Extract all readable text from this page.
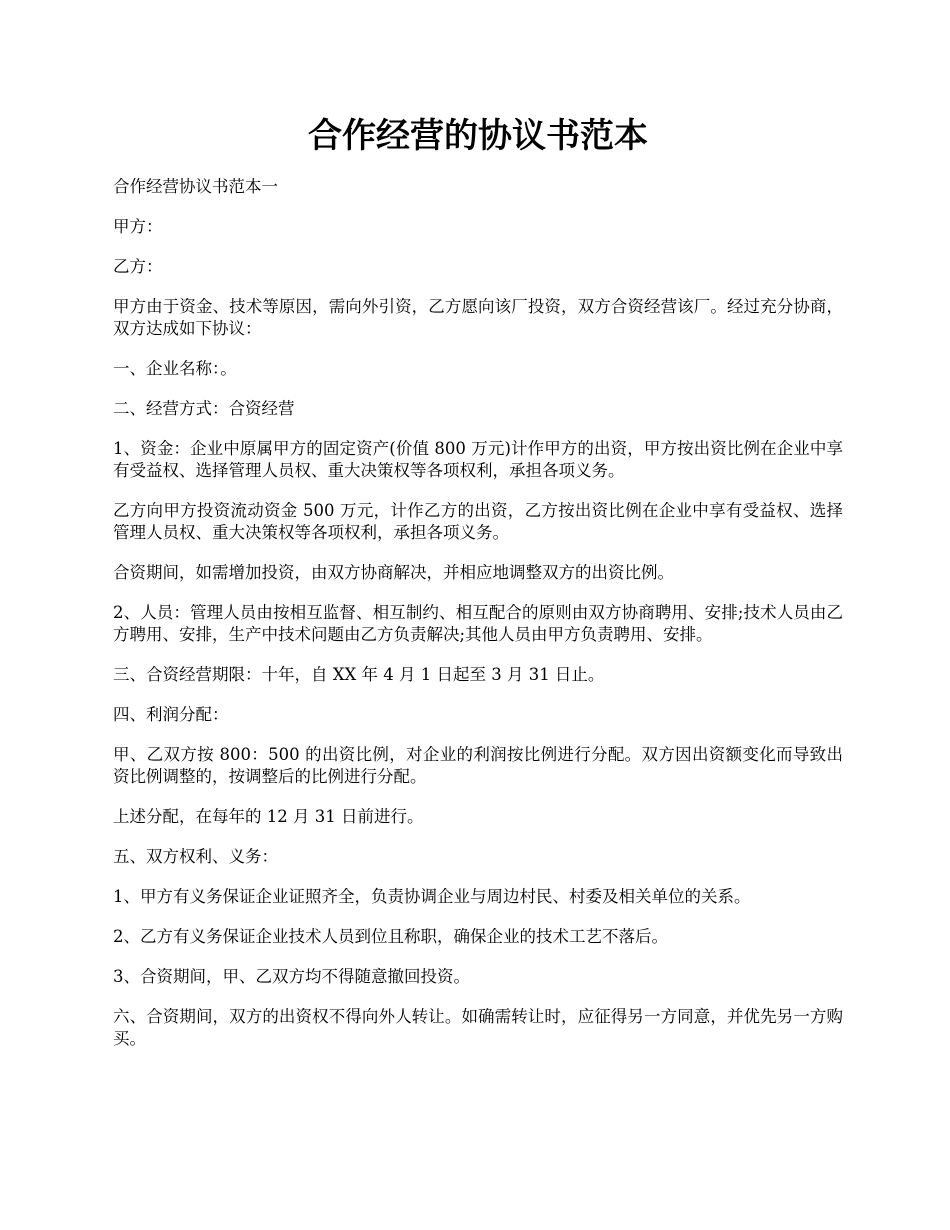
合作经营的协议书范本

合作经营协议书范本一

甲方：

乙方：

甲方由于资金、技术等原因，需向外引资，乙方愿向该厂投资，双方合资经营该厂。经过充分协商，双方达成如下协议：

一、企业名称：。

二、经营方式：合资经营

1、资金：企业中原属甲方的固定资产(价值 800 万元)计作甲方的出资，甲方按出资比例在企业中享有受益权、选择管理人员权、重大决策权等各项权利，承担各项义务。

乙方向甲方投资流动资金 500 万元，计作乙方的出资，乙方按出资比例在企业中享有受益权、选择管理人员权、重大决策权等各项权利，承担各项义务。

合资期间，如需增加投资，由双方协商解决，并相应地调整双方的出资比例。

2、人员：管理人员由按相互监督、相互制约、相互配合的原则由双方协商聘用、安排;技术人员由乙方聘用、安排，生产中技术问题由乙方负责解决;其他人员由甲方负责聘用、安排。

三、合资经营期限：十年，自 XX 年 4 月 1 日起至 3 月 31 日止。

四、利润分配：

甲、乙双方按 800：500 的出资比例，对企业的利润按比例进行分配。双方因出资额变化而导致出资比例调整的，按调整后的比例进行分配。

上述分配，在每年的 12 月 31 日前进行。

五、双方权利、义务：

1、甲方有义务保证企业证照齐全，负责协调企业与周边村民、村委及相关单位的关系。

2、乙方有义务保证企业技术人员到位且称职，确保企业的技术工艺不落后。

3、合资期间，甲、乙双方均不得随意撤回投资。

六、合资期间，双方的出资权不得向外人转让。如确需转让时，应征得另一方同意，并优先另一方购买。
